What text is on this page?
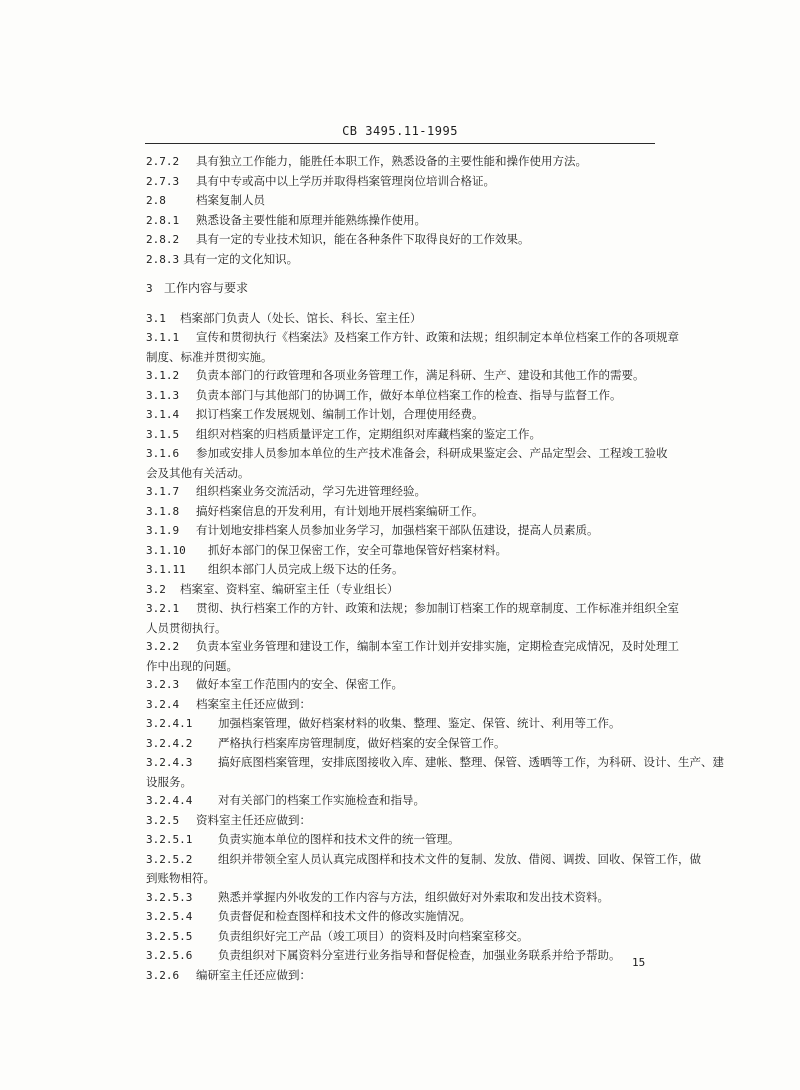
CB 3495.11-1995
2.7.2 具有独立工作能力，能胜任本职工作，熟悉设备的主要性能和操作使用方法。
2.7.3 具有中专或高中以上学历并取得档案管理岗位培训合格证。
2.8	档案复制人员
2.8.1 熟悉设备主要性能和原理并能熟练操作使用。
2.8.2 具有一定的专业技术知识，能在各种条件下取得良好的工作效果。
2.8.3 具有一定的文化知识。
3 工作内容与要求
3.1 档案部门负责人（处长、馆长、科长、室主任）
3.1.1 宣传和贯彻执行《档案法》及档案工作方针、政策和法规；组织制定本单位档案工作的各项规章
制度、标准并贯彻实施。
3.1.2 负责本部门的行政管理和各项业务管理工作，满足科研、生产、建设和其他工作的需要。
3.1.3 负责本部门与其他部门的协调工作，做好本单位档案工作的检查、指导与监督工作。
3.1.4 拟订档案工作发展规划、编制工作计划，合理使用经费。
3.1.5 组织对档案的归档质量评定工作，定期组织对库藏档案的鉴定工作。
3.1.6 参加或安排人员参加本单位的生产技术准备会，科研成果鉴定会、产品定型会、工程竣工验收
会及其他有关活动。
3.1.7 组织档案业务交流活动，学习先进管理经验。
3.1.8 搞好档案信息的开发利用，有计划地开展档案编研工作。
3.1.9 有计划地安排档案人员参加业务学习，加强档案干部队伍建设，提高人员素质。
3.1.10 抓好本部门的保卫保密工作，安全可靠地保管好档案材料。
3.1.11 组织本部门人员完成上级下达的任务。
3.2 档案室、资料室、编研室主任（专业组长）
3.2.1 贯彻、执行档案工作的方针、政策和法规；参加制订档案工作的规章制度、工作标准并组织全室
人员贯彻执行。
3.2.2 负责本室业务管理和建设工作，编制本室工作计划并安排实施，定期检查完成情况，及时处理工
作中出现的问题。
3.2.3 做好本室工作范围内的安全、保密工作。
3.2.4 档案室主任还应做到：
3.2.4.1 加强档案管理，做好档案材料的收集、整理、鉴定、保管、统计、利用等工作。
3.2.4.2 严格执行档案库房管理制度，做好档案的安全保管工作。
3.2.4.3 搞好底图档案管理，安排底图接收入库、建帐、整理、保管、透晒等工作，为科研、设计、生产、建
设服务。
3.2.4.4 对有关部门的档案工作实施检查和指导。
3.2.5 资料室主任还应做到：
3.2.5.1 负责实施本单位的图样和技术文件的统一管理。
3.2.5.2 组织并带领全室人员认真完成图样和技术文件的复制、发放、借阅、调拨、回收、保管工作，做
到账物相符。
3.2.5.3 熟悉并掌握内外收发的工作内容与方法，组织做好对外索取和发出技术资料。
3.2.5.4 负责督促和检查图样和技术文件的修改实施情况。
3.2.5.5 负责组织好完工产品（竣工项目）的资料及时向档案室移交。
3.2.5.6 负责组织对下属资料分室进行业务指导和督促检查，加强业务联系并给予帮助。
3.2.6 编研室主任还应做到：
15
